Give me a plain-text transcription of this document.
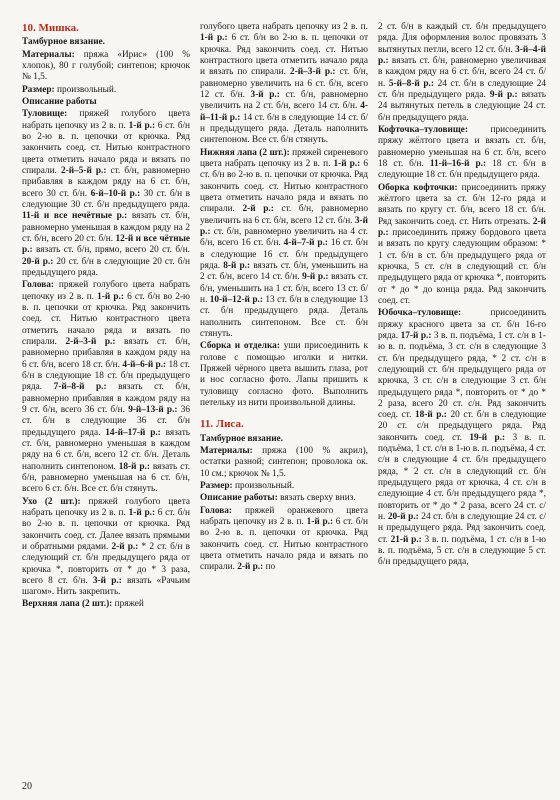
10. Мишка.

Тамбурное вязание.

Материалы: пряжа «Ирис» (100 % хлопок), 80 г голубой; синтепон; крючок № 1,5.

Размер: произвольный.

Описание работы

Туловище: пряжей голубого цвета набрать цепочку из 2 в. п. 1-й р.: 6 ст. б/н во 2-ю в. п. цепочки от крючка. Ряд закончить соед. ст. Нитью контрастного цвета отметить начало ряда и вязать по спирали. 2-й–5-й р.: ст. б/н, равномерно прибавляя в каждом ряду на 6 ст. б/н, всего 30 ст. б/н. 6-й–10-й р.: 30 ст. б/н в следующие 30 ст. б/н предыдущего ряда. 11-й и все нечётные р.: вязать ст. б/н, равномерно уменьшая в каждом ряду на 2 ст. б/н, всего 20 ст. б/н. 12-й и все чётные р.: вязать ст. б/н, прямо, всего 20 ст. б/н. 20-й р.: 20 ст. б/н в следующие 20 ст. б/н предыдущего ряда.

Голова: пряжей голубого цвета набрать цепочку из 2 в. п. 1-й р.: 6 ст. б/н во 2-ю в. п. цепочки от крючка. Ряд закончить соед. ст. Нитью контрастного цвета отметить начало ряда и вязать по спирали. 2-й–3-й р.: вязать ст. б/н, равномерно прибавляя в каждом ряду на 6 ст. б/н, всего 18 ст. б/н. 4-й–6-й р.: 18 ст. б/н в следующие 18 ст. б/н предыдущего ряда. 7-й–8-й р.: вязать ст. б/н, равномерно прибавляя в каждом ряду на 9 ст. б/н, всего 36 ст. б/н. 9-й–13-й р.: 36 ст. б/н в следующие 36 ст. б/н предыдущего ряда. 14-й–17-й р.: вязать ст. б/н, равномерно уменьшая в каждом ряду на 6 ст. б/н, всего 12 ст. б/н. Деталь наполнить синтепоном. 18-й р.: вязать ст. б/н, равномерно уменьшая на 6 ст. б/н, всего 6 ст. б/н. Все ст. б/н стянуть.

Ухо (2 шт.): пряжей голубого цвета набрать цепочку из 2 в. п. 1-й р.: 6 ст. б/н во 2-ю в. п. цепочки от крючка. Ряд закончить соед. ст. Далее вязать прямыми и обратными рядами. 2-й р.: * 2 ст. б/н в следующий ст. б/н предыдущего ряда от крючка *, повторить от * до * 3 раза, всего 8 ст. б/н. 3-й р.: вязать «Рачьим шагом». Нить закрепить.

Верхняя лапа (2 шт.): пряжей

голубого цвета набрать цепочку из 2 в. п. 1-й р.: 6 ст. б/н во 2-ю в. п. цепочки от крючка. Ряд закончить соед. ст. Нитью контрастного цвета отметить начало ряда и вязать по спирали. 2-й–3-й р.: ст. б/н, равномерно увеличить на 6 ст. б/н, всего 12 ст. б/н. 3-й р.: ст. б/н, равномерно увеличить на 2 ст. б/н, всего 14 ст. б/н. 4-й–11-й р.: 14 ст. б/н в следующие 14 ст. б/н предыдущего ряда. Деталь наполнить синтепоном. Все ст. б/н стянуть.

Нижняя лапа (2 шт.): пряжей сиреневого цвета набрать цепочку из 2 в. п. 1-й р.: 6 ст. б/н во 2-ю в. п. цепочки от крючка. Ряд закончить соед. ст. Нитью контрастного цвета отметить начало ряда и вязать по спирали. 2-й р.: ст. б/н, равномерно увеличить на 6 ст. б/н, всего 12 ст. б/н. 3-й р.: ст. б/н, равномерно увеличить на 4 ст. б/н, всего 16 ст. б/н. 4-й–7-й р.: 16 ст. б/н в следующие 16 ст. б/н предыдущего ряда. 8-й р.: вязать ст. б/н, уменьшить на 2 ст. б/н, всего 14 ст. б/н. 9-й р.: вязать ст. б/н, уменьшить на 1 ст. б/н, всего 13 ст. б/н. 10-й–12-й р.: 13 ст. б/н в следующие 13 ст. б/н предыдущего ряда. Деталь наполнить синтепоном. Все ст. б/н стянуть.

Сборка и отделка: уши присоединить к голове с помощью иголки и нитки. Пряжей чёрного цвета вышить глаза, рот и нос согласно фото. Лапы пришить к туловищу согласно фото. Выполнить петельку из нити произвольной длины.

11. Лиса.

Тамбурное вязание.

Материалы: пряжа (100 % акрил), остатки разной; синтепон; проволока ок. 10 см.; крючок № 1,5.

Размер: произвольный.

Описание работы: вязать сверху вниз.

Голова: пряжей оранжевого цвета набрать цепочку из 2 в. п. 1-й р.: 6 ст. б/н во 2-ю в. п. цепочки от крючка. Ряд закончить соед. ст. Нитью контрастного цвета отметить начало ряда и вязать по спирали. 2-й р.: по

2 ст. б/н в каждый ст. б/н предыдущего ряда. Для оформления волос провязать 3 вытянутых петли, всего 12 ст. б/н. 3-й–4-й р.: вязать ст. б/н, равномерно увеличивая в каждом ряду на 6 ст. б/н, всего 24 ст. б/н. 5-й–8-й р.: 24 ст. б/н в следующие 24 ст. б/н предыдущего ряда. 9-й р.: вязать 24 вытянутых петель в следующие 24 ст. б/н предыдущего ряда.

Кофточка–туловище: присоединить пряжу жёлтого цвета и вязать ст. б/н, равномерно уменьшая на 6 ст. б/н, всего 18 ст. б/н. 11-й–16-й р.: 18 ст. б/н в следующие 18 ст. б/н предыдущего ряда.

Оборка кофточки: присоединить пряжу жёлтого цвета за ст. б/н 12-го ряда и вязать по кругу ст. б/н, всего 18 ст. б/н. Ряд закончить соед. ст. Нить отрезать. 2-й р.: присоединить пряжу бордового цвета и вязать по кругу следующим образом: * 1 ст. б/н в ст. б/н предыдущего ряда от крючка, 5 ст. с/н в следующий ст. б/н предыдущего ряда от крючка *, повторить от * до * до конца ряда. Ряд закончить соед. ст.

Юбочка–туловище:	присоединить пряжу красного цвета за ст. б/н 16-го ряда. 17-й р.: 3 в. п. подъёма, 1 ст. с/н в 1-ю в. п. подъёма, 3 ст. с/н в следующие 3 ст. б/н предыдущего ряда, * 2 ст. с/н в следующий ст. б/н предыдущего ряда от крючка, 3 ст. с/н в следующие 3 ст. б/н предыдущего ряда *, повторить от * до * 2 раза, всего 20 ст. с/н. Ряд закончить соед. ст. 18-й р.: 20 ст. б/н в следующие 20 ст. с/н предыдущего ряда. Ряд закончить соед. ст. 19-й р.: 3 в. п. подъёма, 1 ст. с/н в 1-ю в. п. подъёма, 4 ст. с/н в следующие 4 ст. б/н предыдущего ряда, * 2 ст. с/н в следующий ст. б/н предыдущего ряда от крючка, 4 ст. с/н в следующие 4 ст. б/н предыдущего ряда *, повторить от * до * 2 раза, всего 24 ст. с/н. 20-й р.: 24 ст. б/н в следующие 24 ст. с/н предыдущего ряда. Ряд закончить соед. ст. 21-й р.: 3 в. п. подъёма, 1 ст. с/н в 1-ю в. п. подъёма, 5 ст. с/н в следующие 5 ст. б/н предыдущего ряда,

20
